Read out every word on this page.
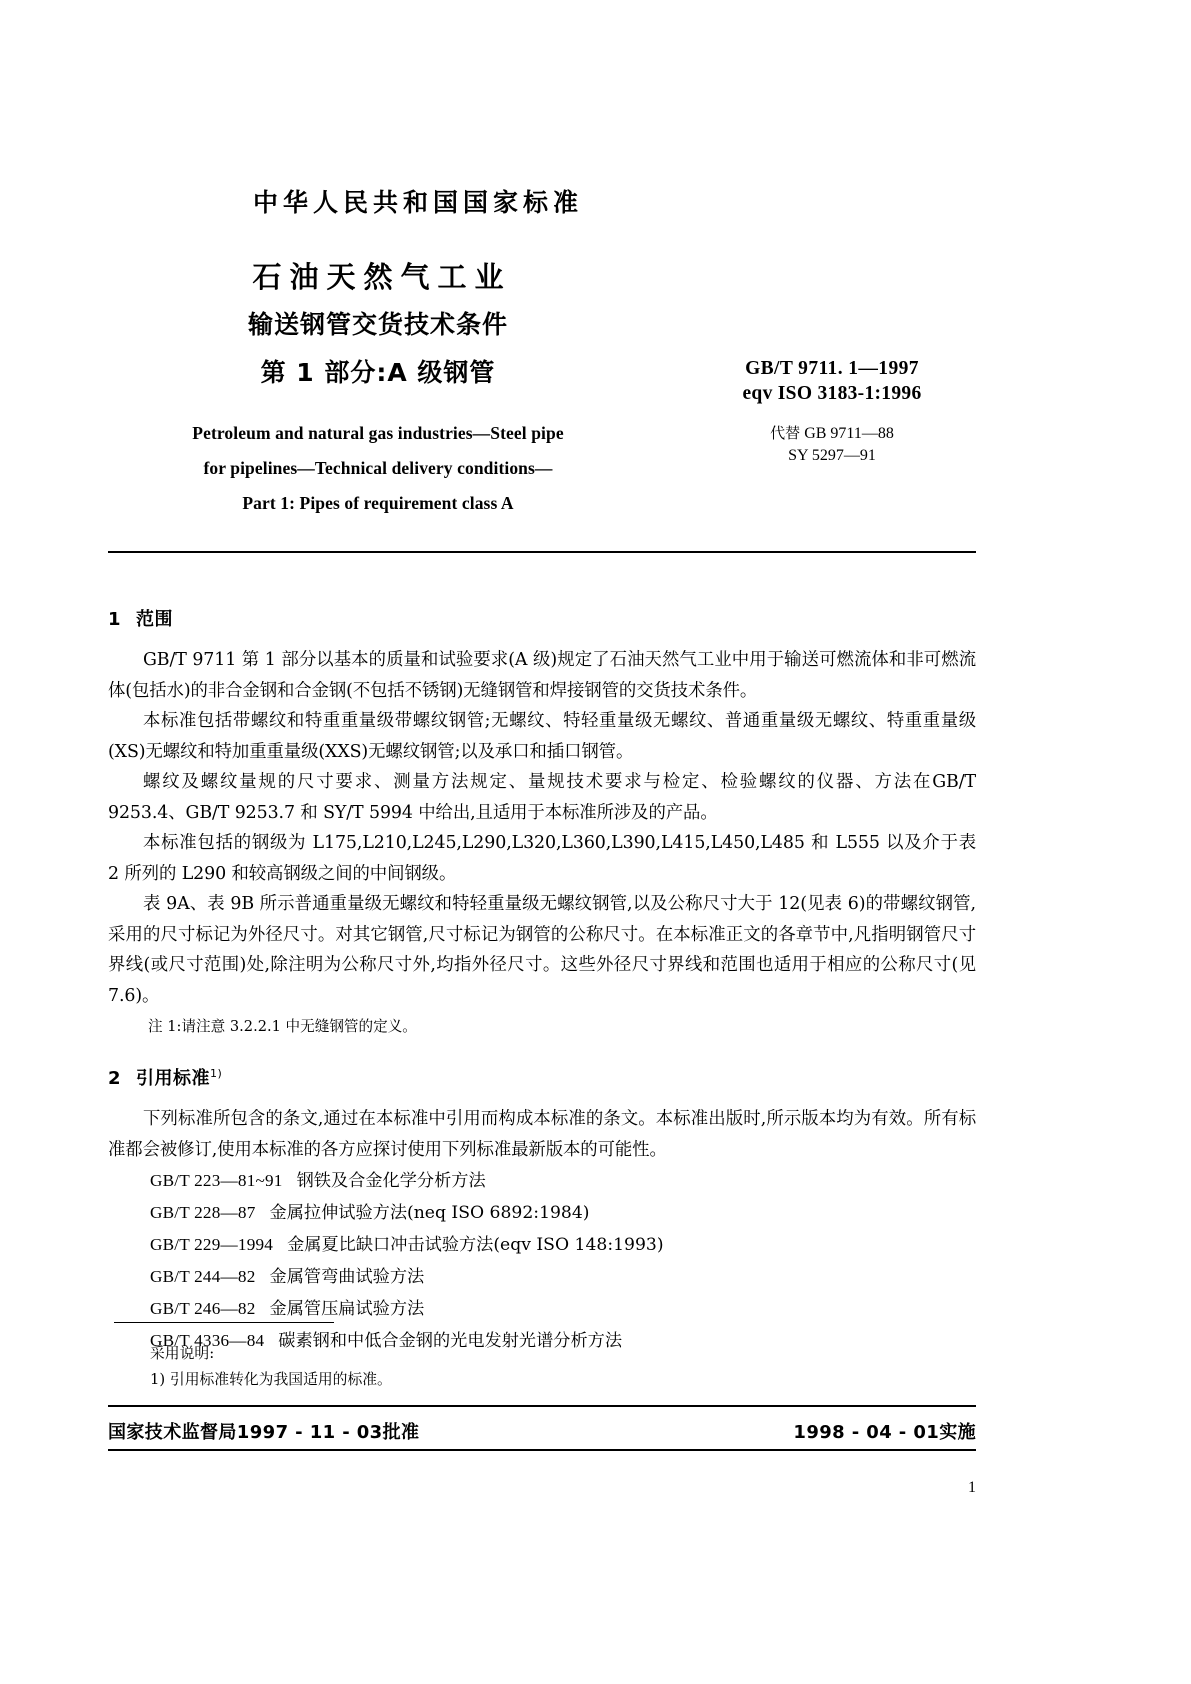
中华人民共和国国家标准
石油天然气工业
输送钢管交货技术条件
第 1 部分:A 级钢管
Petroleum and natural gas industries—Steel pipe
for pipelines—Technical delivery conditions—
Part 1: Pipes of requirement class A
GB/T 9711. 1—1997
eqv ISO 3183-1:1996
代替 GB 9711—88
SY 5297—91
1 范围

GB/T 9711 第 1 部分以基本的质量和试验要求(A 级)规定了石油天然气工业中用于输送可燃流体和非可燃流体(包括水)的非合金钢和合金钢(不包括不锈钢)无缝钢管和焊接钢管的交货技术条件。

本标准包括带螺纹和特重重量级带螺纹钢管;无螺纹、特轻重量级无螺纹、普通重量级无螺纹、特重重量级(XS)无螺纹和特加重重量级(XXS)无螺纹钢管;以及承口和插口钢管。

螺纹及螺纹量规的尺寸要求、测量方法规定、量规技术要求与检定、检验螺纹的仪器、方法在GB/T 9253.4、GB/T 9253.7 和 SY/T 5994 中给出,且适用于本标准所涉及的产品。

本标准包括的钢级为 L175,L210,L245,L290,L320,L360,L390,L415,L450,L485 和 L555 以及介于表 2 所列的 L290 和较高钢级之间的中间钢级。

表 9A、表 9B 所示普通重量级无螺纹和特轻重量级无螺纹钢管,以及公称尺寸大于 12(见表 6)的带螺纹钢管,采用的尺寸标记为外径尺寸。对其它钢管,尺寸标记为钢管的公称尺寸。在本标准正文的各章节中,凡指明钢管尺寸界线(或尺寸范围)处,除注明为公称尺寸外,均指外径尺寸。这些外径尺寸界线和范围也适用于相应的公称尺寸(见 7.6)。

注 1:请注意 3.2.2.1 中无缝钢管的定义。

2 引用标准$^{1)}$

下列标准所包含的条文,通过在本标准中引用而构成本标准的条文。本标准出版时,所示版本均为有效。所有标准都会被修订,使用本标准的各方应探讨使用下列标准最新版本的可能性。

GB/T 223—81~91 钢铁及合金化学分析方法
GB/T 228—87 金属拉伸试验方法(neq ISO 6892:1984)
GB/T 229—1994 金属夏比缺口冲击试验方法(eqv ISO 148:1993)
GB/T 244—82 金属管弯曲试验方法
GB/T 246—82 金属管压扁试验方法
GB/T 4336—84 碳素钢和中低合金钢的光电发射光谱分析方法
采用说明:
1) 引用标准转化为我国适用的标准。
国家技术监督局1997 - 11 - 03批准	1998 - 04 - 01实施
1
